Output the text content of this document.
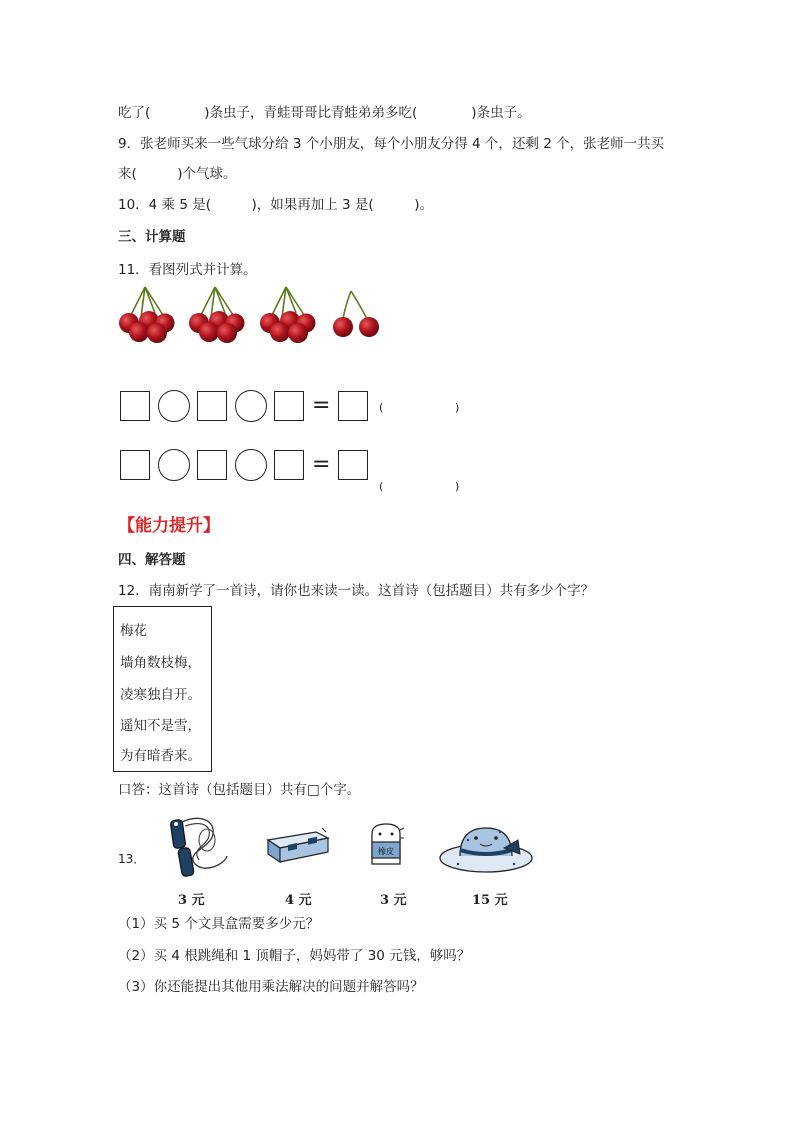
吃了(　　　　)条虫子，青蛙哥哥比青蛙弟弟多吃(　　　　)条虫子。
9．张老师买来一些气球分给 3 个小朋友，每个小朋友分得 4 个，还剩 2 个，张老师一共买
来(　　　)个气球。
10．4 乘 5 是(　　　)，如果再加上 3 是(　　　)。
三、计算题
11．看图列式并计算。
=	(	)
=
(	)
【能力提升】
四、解答题
12．南南新学了一首诗，请你也来读一读。这首诗（包括题目）共有多少个字？
梅花
墙角数枝梅，
凌寒独自开。
遥知不是雪，
为有暗香来。
口答：这首诗（包括题目）共有□个字。
13．
3 元	4 元
橡皮
3 元	15 元
（1）买 5 个文具盒需要多少元？
（2）买 4 根跳绳和 1 顶帽子，妈妈带了 30 元钱，够吗？
（3）你还能提出其他用乘法解决的问题并解答吗？
